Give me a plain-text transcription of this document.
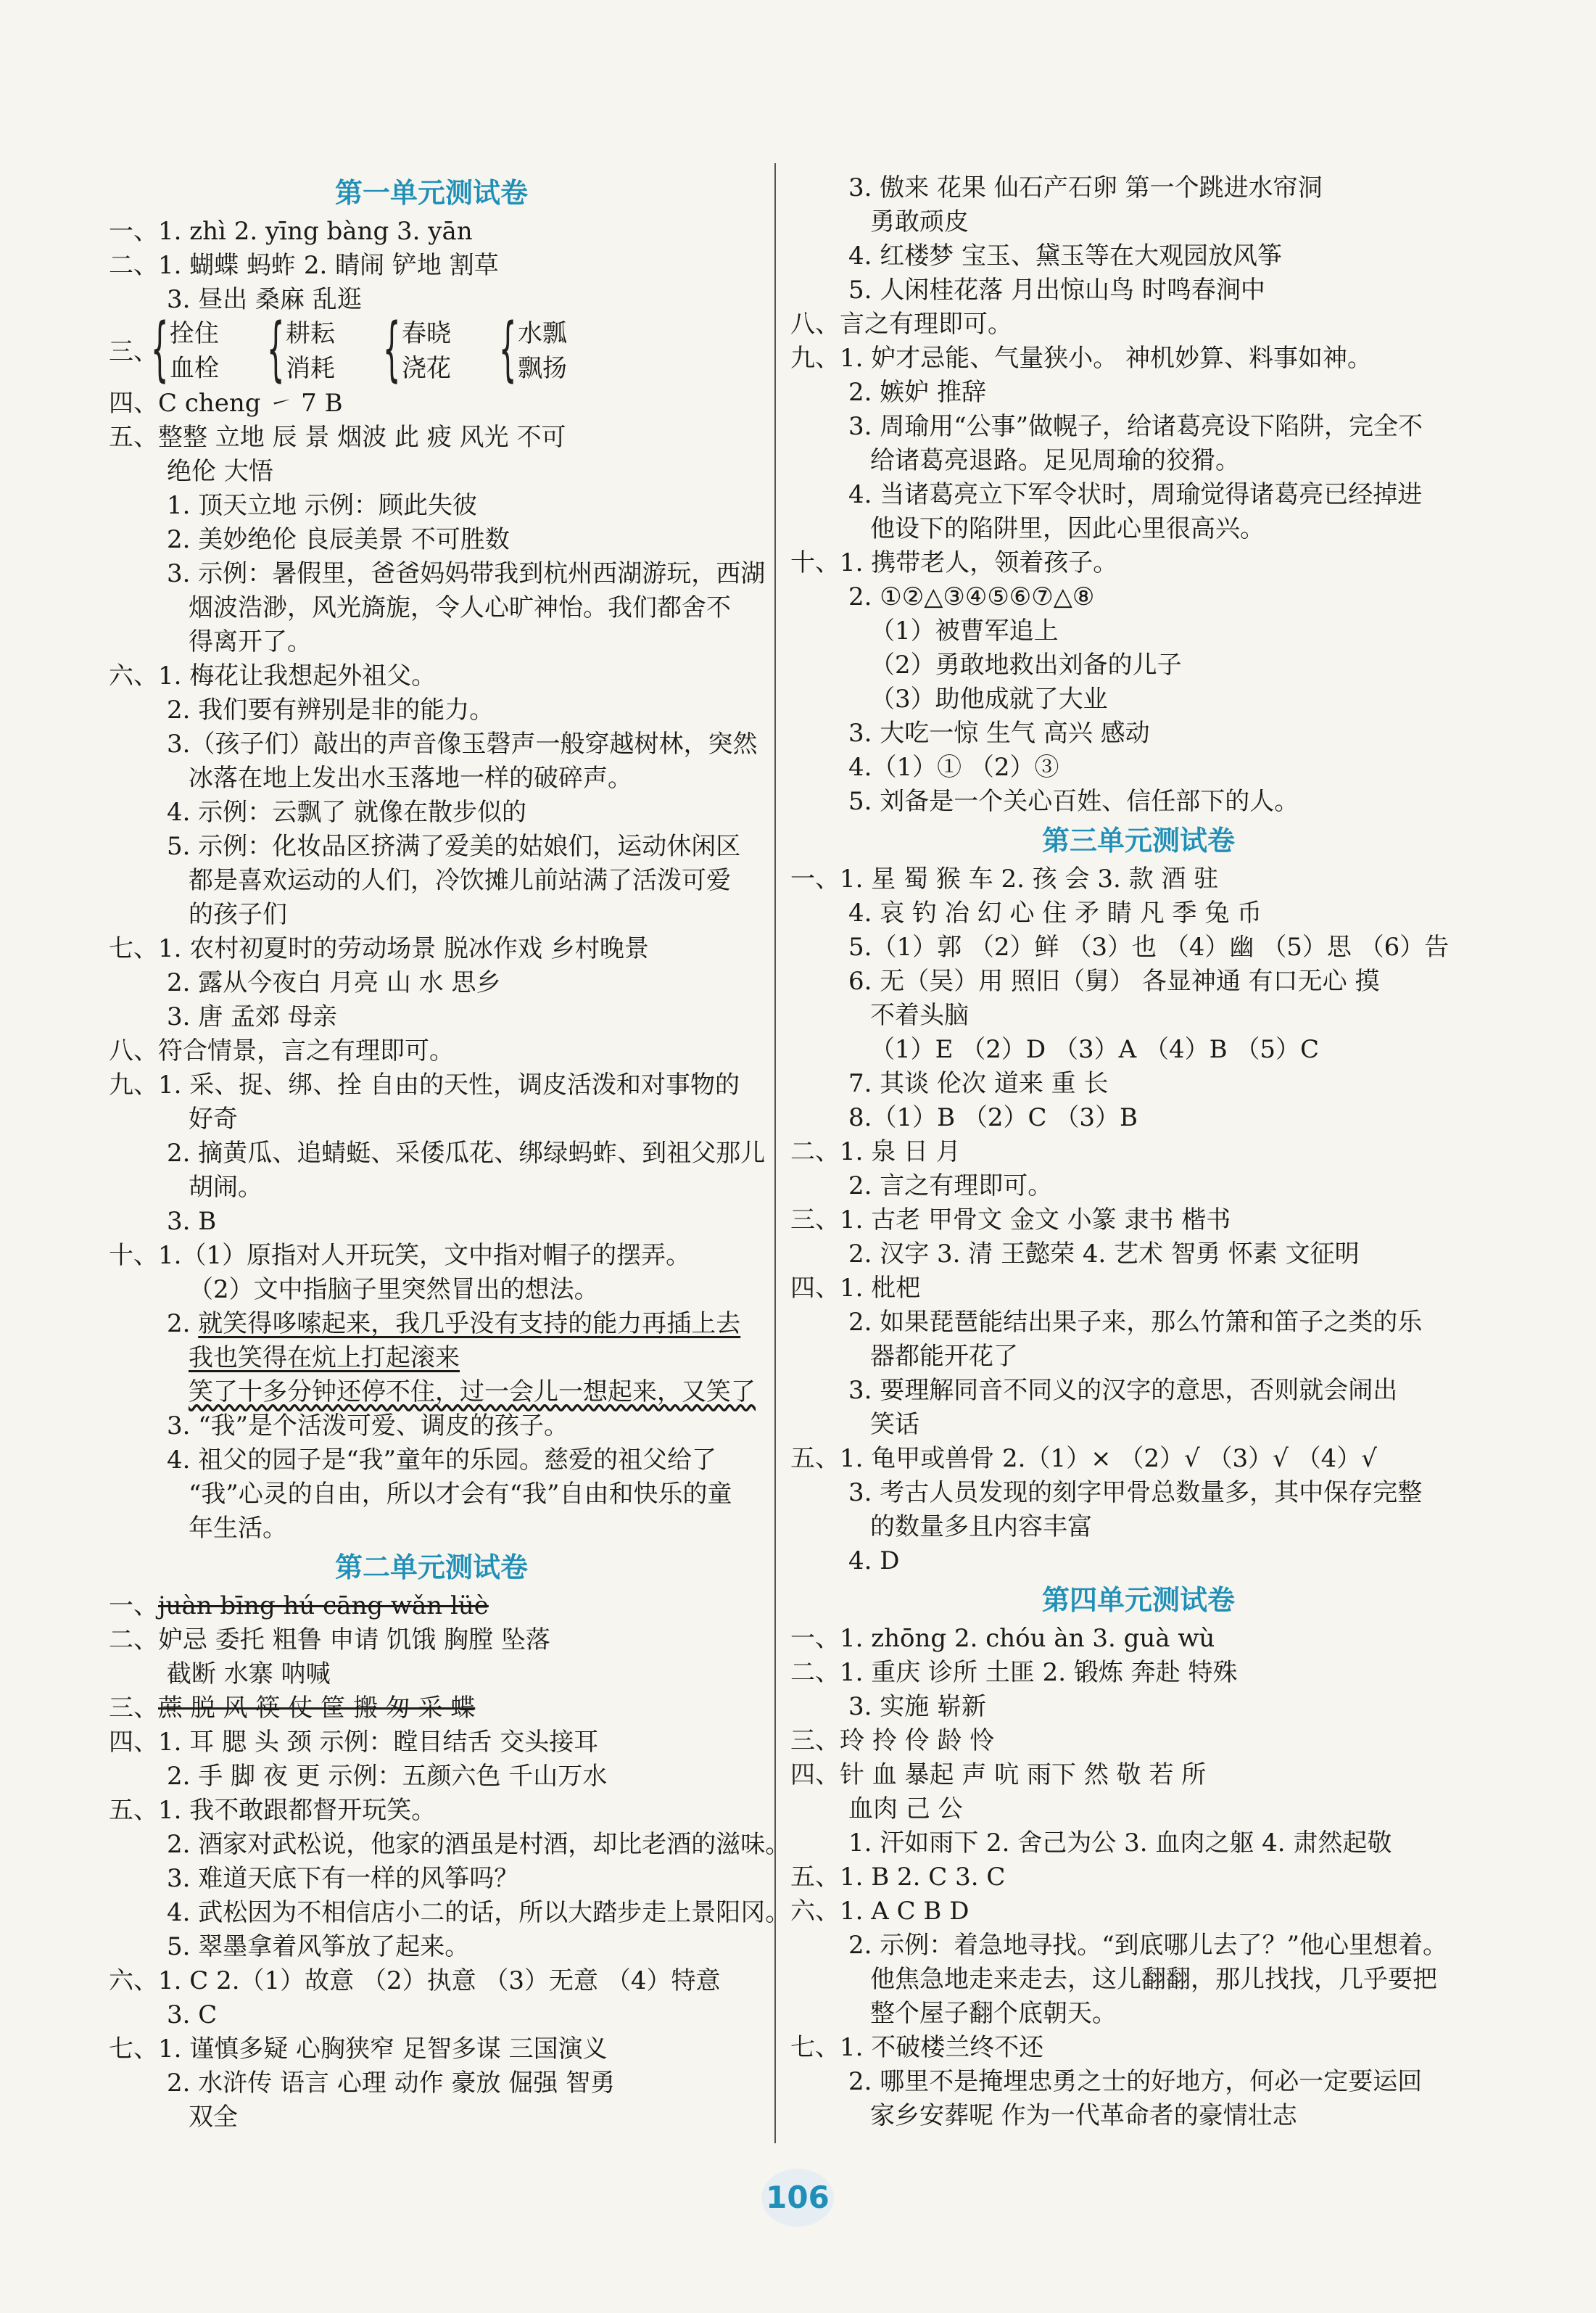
第一单元测试卷
一、1. zhì 2. yīng bàng 3. yān
二、1. 蝴蝶 蚂蚱 2. 睛闹 铲地 割草
3. 昼出 桑麻 乱逛
三、
{ 拴住
血栓 { 耕耘
消耗 { 春晓
浇花 { 水瓢
飘扬
四、C cheng ㇀ 7 B
五、整整 立地 辰 景 烟波 此 疲 风光 不可
绝伦 大悟
1. 顶天立地 示例：顾此失彼
2. 美妙绝伦 良辰美景 不可胜数
3. 示例：暑假里，爸爸妈妈带我到杭州西湖游玩，西湖
烟波浩渺，风光旖旎，令人心旷神怡。我们都舍不
得离开了。
六、1. 梅花让我想起外祖父。
2. 我们要有辨别是非的能力。
3.（孩子们）敲出的声音像玉磬声一般穿越树林，突然
冰落在地上发出水玉落地一样的破碎声。
4. 示例：云飘了 就像在散步似的
5. 示例：化妆品区挤满了爱美的姑娘们，运动休闲区
都是喜欢运动的人们，冷饮摊儿前站满了活泼可爱
的孩子们
七、1. 农村初夏时的劳动场景 脱冰作戏 乡村晚景
2. 露从今夜白 月亮 山 水 思乡
3. 唐 孟郊 母亲
八、符合情景，言之有理即可。
九、1. 采、捉、绑、拴 自由的天性，调皮活泼和对事物的
好奇
2. 摘黄瓜、追蜻蜓、采倭瓜花、绑绿蚂蚱、到祖父那儿
胡闹。
3. B
十、1.（1）原指对人开玩笑，文中指对帽子的摆弄。
（2）文中指脑子里突然冒出的想法。
2. 就笑得哆嗦起来，我几乎没有支持的能力再插上去
我也笑得在炕上打起滚来
笑了十多分钟还停不住，过一会儿一想起来，又笑了
3. “我”是个活泼可爱、调皮的孩子。
4. 祖父的园子是“我”童年的乐园。慈爱的祖父给了
“我”心灵的自由，所以才会有“我”自由和快乐的童
年生活。
第二单元测试卷
一、juàn bīng hú cāng wǎn lüè
二、妒忌 委托 粗鲁 申请 饥饿 胸膛 坠落
截断 水寨 呐喊
三、蔗 脱 风 筷 仗 筐 搬 匆 采 蝶
四、1. 耳 腮 头 颈 示例：瞠目结舌 交头接耳
2. 手 脚 夜 更 示例：五颜六色 千山万水
五、1. 我不敢跟都督开玩笑。
2. 酒家对武松说，他家的酒虽是村酒，却比老酒的滋味。
3. 难道天底下有一样的风筝吗？
4. 武松因为不相信店小二的话，所以大踏步走上景阳冈。
5. 翠墨拿着风筝放了起来。
六、1. C 2.（1）故意 （2）执意 （3）无意 （4）特意
3. C
七、1. 谨慎多疑 心胸狭窄 足智多谋 三国演义
2. 水浒传 语言 心理 动作 豪放 倔强 智勇
双全
3. 傲来 花果 仙石产石卵 第一个跳进水帘洞
勇敢顽皮
4. 红楼梦 宝玉、黛玉等在大观园放风筝
5. 人闲桂花落 月出惊山鸟 时鸣春涧中
八、言之有理即可。
九、1. 妒才忌能、气量狭小。 神机妙算、料事如神。
2. 嫉妒 推辞
3. 周瑜用“公事”做幌子，给诸葛亮设下陷阱，完全不
给诸葛亮退路。足见周瑜的狡猾。
4. 当诸葛亮立下军令状时，周瑜觉得诸葛亮已经掉进
他设下的陷阱里，因此心里很高兴。
十、1. 携带老人，领着孩子。
2. ①②△③④⑤⑥⑦△⑧
（1）被曹军追上
（2）勇敢地救出刘备的儿子
（3）助他成就了大业
3. 大吃一惊 生气 高兴 感动
4.（1）① （2）③
5. 刘备是一个关心百姓、信任部下的人。
第三单元测试卷
一、1. 星 蜀 猴 车 2. 孩 会 3. 款 酒 驻
4. 哀 钓 冶 幻 心 住 矛 睛 凡 季 兔 币
5.（1）郭 （2）鲜 （3）也 （4）幽 （5）思 （6）告
6. 无（吴）用 照旧（舅） 各显神通 有口无心 摸
不着头脑
（1）E （2）D （3）A （4）B （5）C
7. 其谈 伦次 道来 重 长
8.（1）B （2）C （3）B
二、1. 泉 日 月
2. 言之有理即可。
三、1. 古老 甲骨文 金文 小篆 隶书 楷书
2. 汉字 3. 清 王懿荣 4. 艺术 智勇 怀素 文征明
四、1. 枇杷
2. 如果琵琶能结出果子来，那么竹箫和笛子之类的乐
器都能开花了
3. 要理解同音不同义的汉字的意思，否则就会闹出
笑话
五、1. 龟甲或兽骨 2.（1）× （2）√ （3）√ （4）√
3. 考古人员发现的刻字甲骨总数量多，其中保存完整
的数量多且内容丰富
4. D
第四单元测试卷
一、1. zhōng 2. chóu àn 3. guà wù
二、1. 重庆 诊所 土匪 2. 锻炼 奔赴 特殊
3. 实施 崭新
三、玲 拎 伶 龄 怜
四、针 血 暴起 声 吭 雨下 然 敬 若 所
血肉 己 公
1. 汗如雨下 2. 舍己为公 3. 血肉之躯 4. 肃然起敬
五、1. B 2. C 3. C
六、1. A C B D
2. 示例：着急地寻找。“到底哪儿去了？”他心里想着。
他焦急地走来走去，这儿翻翻，那儿找找，几乎要把
整个屋子翻个底朝天。
七、1. 不破楼兰终不还
2. 哪里不是掩埋忠勇之士的好地方，何必一定要运回
家乡安葬呢 作为一代革命者的豪情壮志
106
